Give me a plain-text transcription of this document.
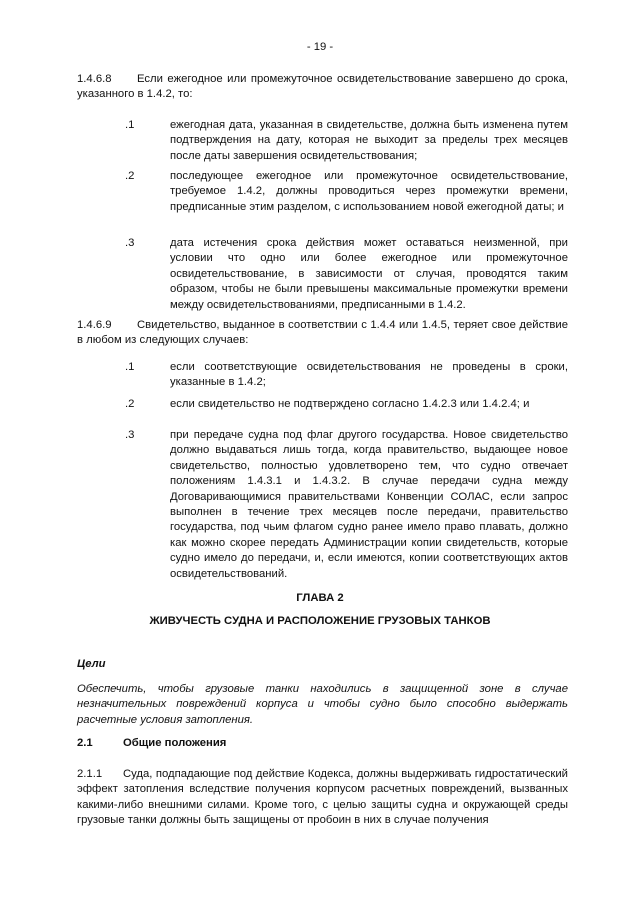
- 19 -
1.4.6.8 Если ежегодное или промежуточное освидетельствование завершено до срока, указанного в 1.4.2, то:
.1	ежегодная дата, указанная в свидетельстве, должна быть изменена путем подтверждения на дату, которая не выходит за пределы трех месяцев после даты завершения освидетельствования;
.2	последующее ежегодное или промежуточное освидетельствование, требуемое 1.4.2, должны проводиться через промежутки времени, предписанные этим разделом, с использованием новой ежегодной даты; и
.3	дата истечения срока действия может оставаться неизменной, при условии что одно или более ежегодное или промежуточное освидетельствование, в зависимости от случая, проводятся таким образом, чтобы не были превышены максимальные промежутки времени между освидетельствованиями, предписанными в 1.4.2.
1.4.6.9 Свидетельство, выданное в соответствии с 1.4.4 или 1.4.5, теряет свое действие в любом из следующих случаев:
.1	если соответствующие освидетельствования не проведены в сроки, указанные в 1.4.2;
.2	если свидетельство не подтверждено согласно 1.4.2.3 или 1.4.2.4; и
.3	при передаче судна под флаг другого государства. Новое свидетельство должно выдаваться лишь тогда, когда правительство, выдающее новое свидетельство, полностью удовлетворено тем, что судно отвечает положениям 1.4.3.1 и 1.4.3.2. В случае передачи судна между Договаривающимися правительствами Конвенции СОЛАС, если запрос выполнен в течение трех месяцев после передачи, правительство государства, под чьим флагом судно ранее имело право плавать, должно как можно скорее передать Администрации копии свидетельств, которые судно имело до передачи, и, если имеются, копии соответствующих актов освидетельствований.
ГЛАВА 2
ЖИВУЧЕСТЬ СУДНА И РАСПОЛОЖЕНИЕ ГРУЗОВЫХ ТАНКОВ
Цели
Обеспечить, чтобы грузовые танки находились в защищенной зоне в случае незначительных повреждений корпуса и чтобы судно было способно выдержать расчетные условия затопления.
2.1	Общие положения
2.1.1 Суда, подпадающие под действие Кодекса, должны выдерживать гидростатический эффект затопления вследствие получения корпусом расчетных повреждений, вызванных какими-либо внешними силами. Кроме того, с целью защиты судна и окружающей среды грузовые танки должны быть защищены от пробоин в них в случае получения
